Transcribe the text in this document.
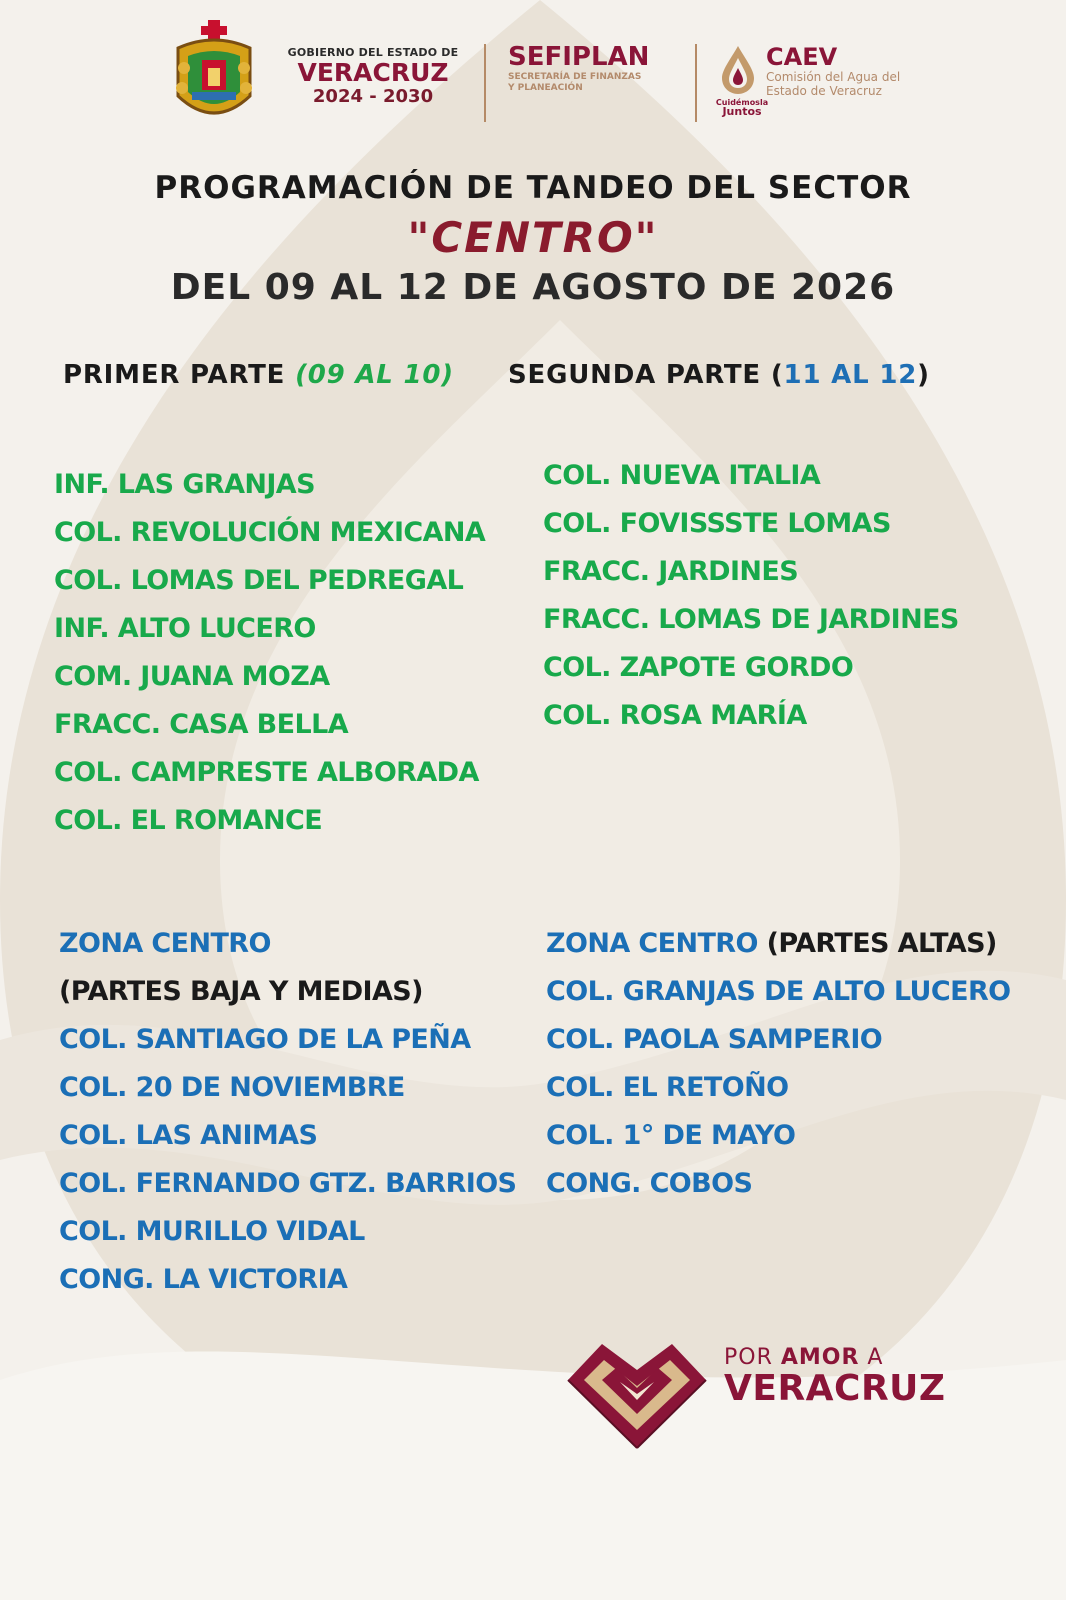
GOBIERNO DEL ESTADO DE
VERACRUZ
2024 - 2030
SEFIPLAN
SECRETARÍA DE FINANZAS
Y PLANEACIÓN
Cuidémosla
Juntos
CAEV
Comisión del Agua del
Estado de Veracruz
PROGRAMACIÓN DE TANDEO DEL SECTOR
"CENTRO"
DEL 09 AL 12 DE AGOSTO DE 2026
PRIMER PARTE (09 AL 10) SEGUNDA PARTE (11 AL 12)
INF. LAS GRANJAS
COL. REVOLUCIÓN MEXICANA
COL. LOMAS DEL PEDREGAL
INF. ALTO LUCERO
COM. JUANA MOZA
FRACC. CASA BELLA
COL. CAMPRESTE ALBORADA
COL. EL ROMANCE
COL. NUEVA ITALIA
COL. FOVISSSTE LOMAS
FRACC. JARDINES
FRACC. LOMAS DE JARDINES
COL. ZAPOTE GORDO
COL. ROSA MARÍA
ZONA CENTRO
(PARTES BAJA Y MEDIAS)
COL. SANTIAGO DE LA PEÑA
COL. 20 DE NOVIEMBRE
COL. LAS ANIMAS
COL. FERNANDO GTZ. BARRIOS
COL. MURILLO VIDAL
CONG. LA VICTORIA
ZONA CENTRO (PARTES ALTAS)
COL. GRANJAS DE ALTO LUCERO
COL. PAOLA SAMPERIO
COL. EL RETOÑO
COL. 1° DE MAYO
CONG. COBOS
POR AMOR A
VERACRUZ
